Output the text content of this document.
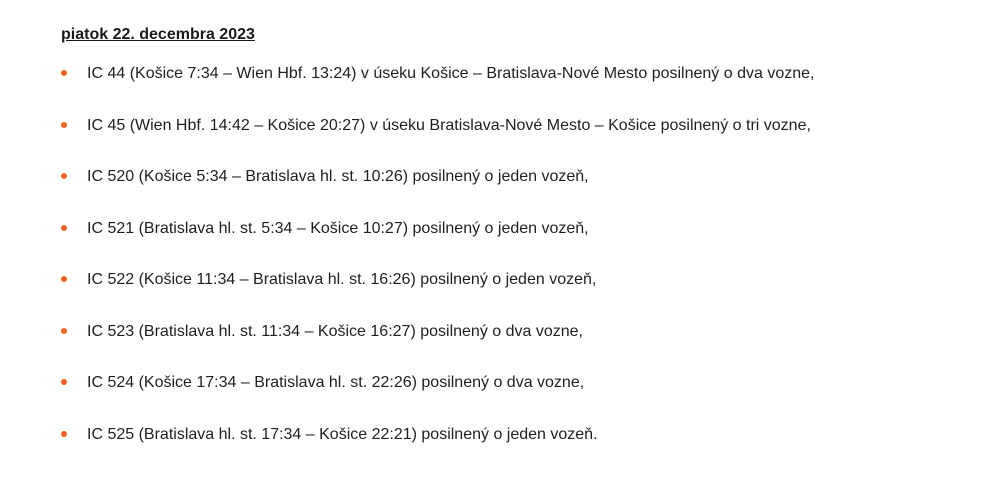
piatok 22. decembra 2023

IC 44 (Košice 7:34 – Wien Hbf. 13:24) v úseku Košice – Bratislava-Nové Mesto posilnený o dva vozne,
IC 45 (Wien Hbf. 14:42 – Košice 20:27) v úseku Bratislava-Nové Mesto – Košice posilnený o tri vozne,
IC 520 (Košice 5:34 – Bratislava hl. st. 10:26) posilnený o jeden vozeň,
IC 521 (Bratislava hl. st. 5:34 – Košice 10:27) posilnený o jeden vozeň,
IC 522 (Košice 11:34 – Bratislava hl. st. 16:26) posilnený o jeden vozeň,
IC 523 (Bratislava hl. st. 11:34 – Košice 16:27) posilnený o dva vozne,
IC 524 (Košice 17:34 – Bratislava hl. st. 22:26) posilnený o dva vozne,
IC 525 (Bratislava hl. st. 17:34 – Košice 22:21) posilnený o jeden vozeň.
